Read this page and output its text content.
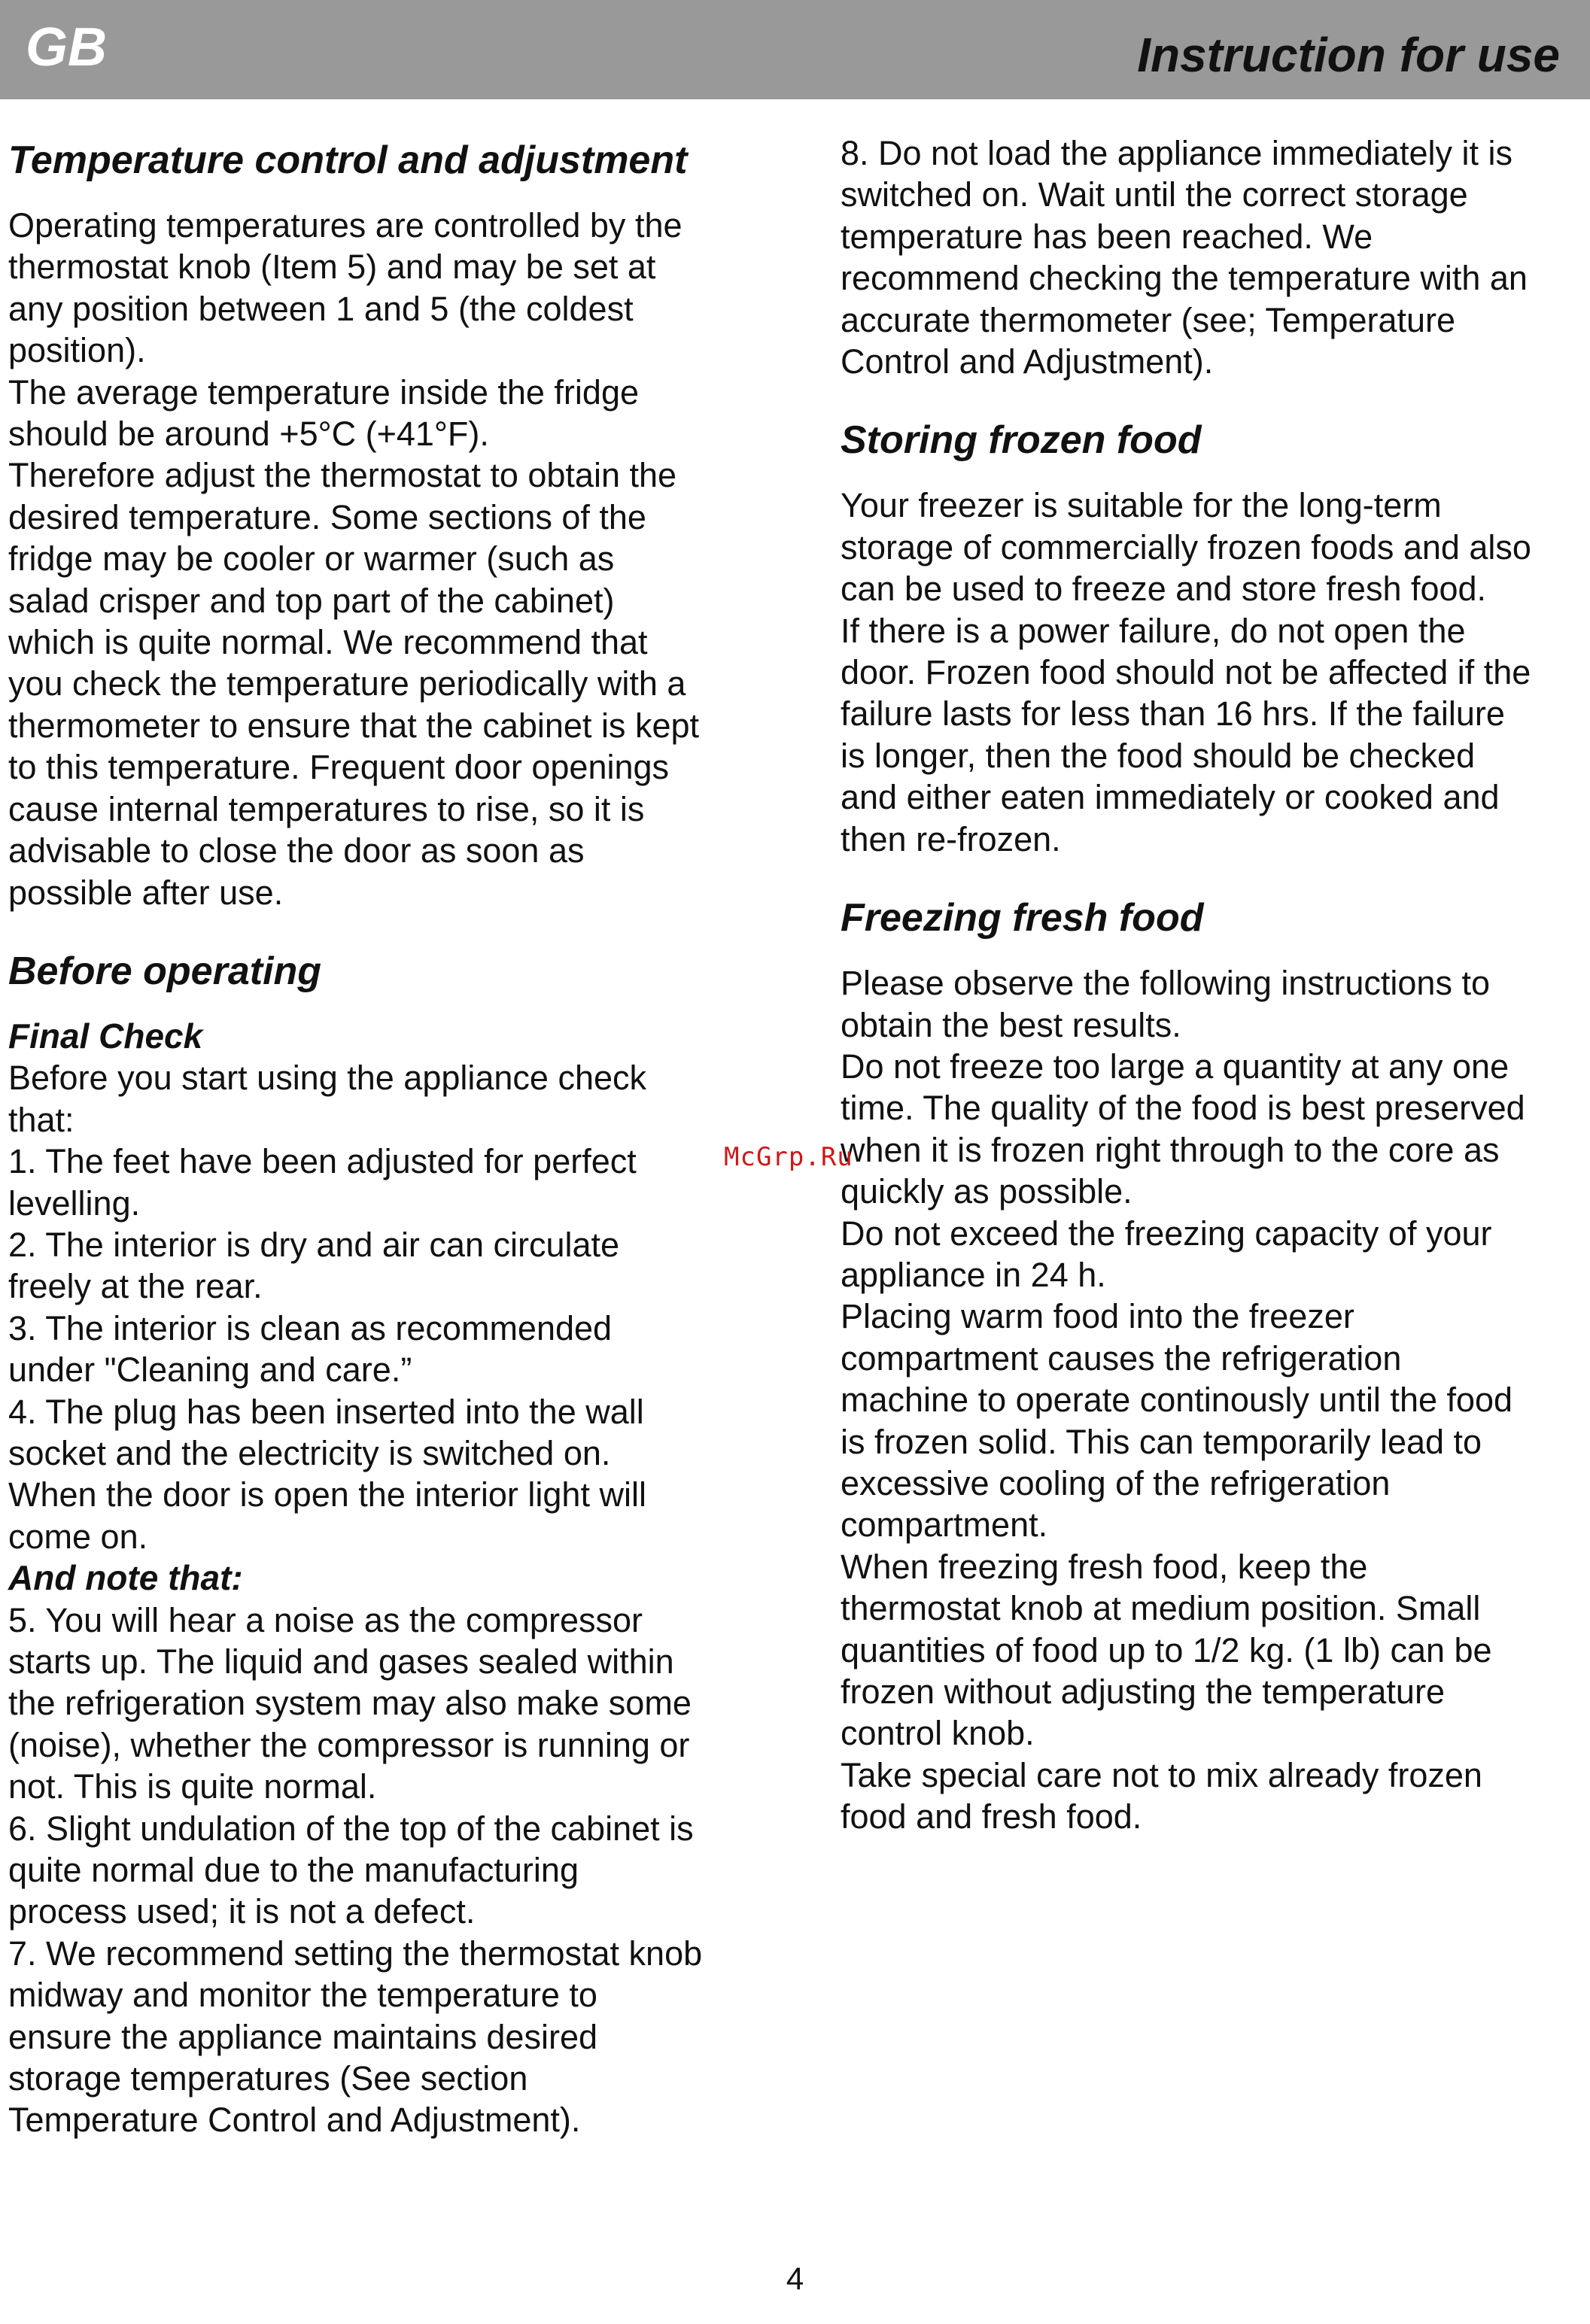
GB	Instruction for use
Temperature control and adjustment

Operating temperatures are controlled by the
thermostat knob (Item 5) and may be set at
any position between 1 and 5 (the coldest
position).
The average temperature inside the fridge
should be around +5°C (+41°F).
Therefore adjust the thermostat to obtain the
desired temperature. Some sections of the
fridge may be cooler or warmer (such as
salad crisper and top part of the cabinet)
which is quite normal. We recommend that
you check the temperature periodically with a
thermometer to ensure that the cabinet is kept
to this temperature. Frequent door openings
cause internal temperatures to rise, so it is
advisable to close the door as soon as
possible after use.

Before operating
Final Check

Before you start using the appliance check
that:
1. The feet have been adjusted for perfect
levelling.
2. The interior is dry and air can circulate
freely at the rear.
3. The interior is clean as recommended
under "Cleaning and care.”
4. The plug has been inserted into the wall
socket and the electricity is switched on.
When the door is open the interior light will
come on.

And note that:

5. You will hear a noise as the compressor
starts up. The liquid and gases sealed within
the refrigeration system may also make some
(noise), whether the compressor is running or
not. This is quite normal.
6. Slight undulation of the top of the cabinet is
quite normal due to the manufacturing
process used; it is not a defect.
7. We recommend setting the thermostat knob
midway and monitor the temperature to
ensure the appliance maintains desired
storage temperatures (See section
Temperature Control and Adjustment).

8. Do not load the appliance immediately it is
switched on. Wait until the correct storage
temperature has been reached. We
recommend checking the temperature with an
accurate thermometer (see; Temperature
Control and Adjustment).

Storing frozen food

Your freezer is suitable for the long-term
storage of commercially frozen foods and also
can be used to freeze and store fresh food.
If there is a power failure, do not open the
door. Frozen food should not be affected if the
failure lasts for less than 16 hrs. If the failure
is longer, then the food should be checked
and either eaten immediately or cooked and
then re-frozen.

Freezing fresh food

Please observe the following instructions to
obtain the best results.
Do not freeze too large a quantity at any one
time. The quality of the food is best preserved
when it is frozen right through to the core as
quickly as possible.
Do not exceed the freezing capacity of your
appliance in 24 h.
Placing warm food into the freezer
compartment causes the refrigeration
machine to operate continously until the food
is frozen solid. This can temporarily lead to
excessive cooling of the refrigeration
compartment.
When freezing fresh food, keep the
thermostat knob at medium position. Small
quantities of food up to 1/2 kg. (1 lb) can be
frozen without adjusting the temperature
control knob.
Take special care not to mix already frozen
food and fresh food.

McGrp.Ru
4
